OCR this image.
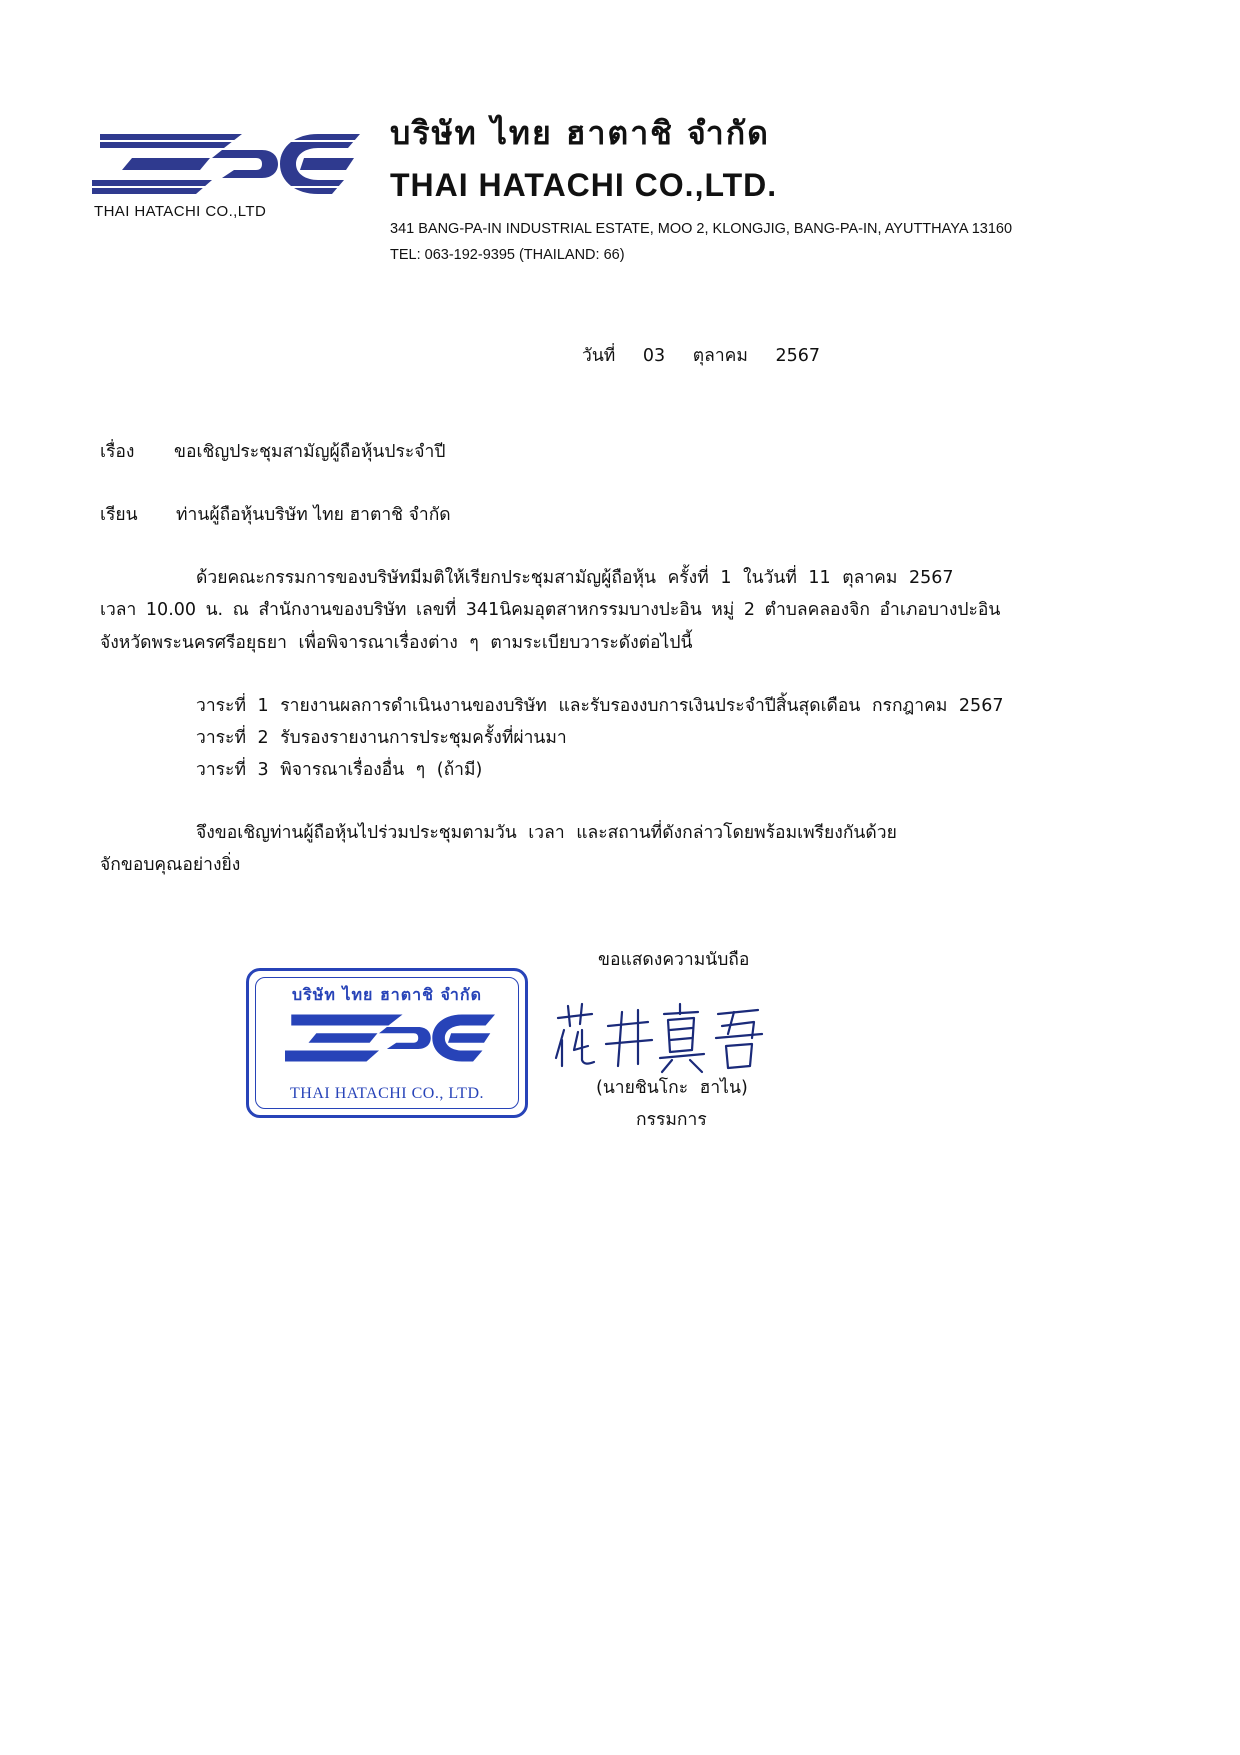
THAI HATACHI CO.,LTD
บริษัท ไทย ฮาตาชิ จำกัด
THAI HATACHI CO.,LTD.
341 BANG-PA-IN INDUSTRIAL ESTATE, MOO 2, KLONGJIG, BANG-PA-IN, AYUTTHAYA 13160
TEL: 063-192-9395 (THAILAND: 66)
วันที่ 03 ตุลาคม 2567
เรื่อง ขอเชิญประชุมสามัญผู้ถือหุ้นประจำปี
เรียน ท่านผู้ถือหุ้นบริษัท ไทย ฮาตาชิ จำกัด
ด้วยคณะกรรมการของบริษัทมีมติให้เรียกประชุมสามัญผู้ถือหุ้น ครั้งที่ 1 ในวันที่ 11 ตุลาคม 2567
เวลา 10.00 น. ณ สำนักงานของบริษัท เลขที่ 341นิคมอุตสาหกรรมบางปะอิน หมู่ 2 ตำบลคลองจิก อำเภอบางปะอิน
จังหวัดพระนครศรีอยุธยา เพื่อพิจารณาเรื่องต่าง ๆ ตามระเบียบวาระดังต่อไปนี้
วาระที่ 1 รายงานผลการดำเนินงานของบริษัท และรับรองงบการเงินประจำปีสิ้นสุดเดือน กรกฎาคม 2567
วาระที่ 2 รับรองรายงานการประชุมครั้งที่ผ่านมา
วาระที่ 3 พิจารณาเรื่องอื่น ๆ (ถ้ามี)
จึงขอเชิญท่านผู้ถือหุ้นไปร่วมประชุมตามวัน เวลา และสถานที่ดังกล่าวโดยพร้อมเพรียงกันด้วย
จักขอบคุณอย่างยิ่ง
ขอแสดงความนับถือ
บริษัท ไทย ฮาตาชิ จำกัด
THAI HATACHI CO., LTD.	(นายชินโกะ ฮาไน)
กรรมการ
